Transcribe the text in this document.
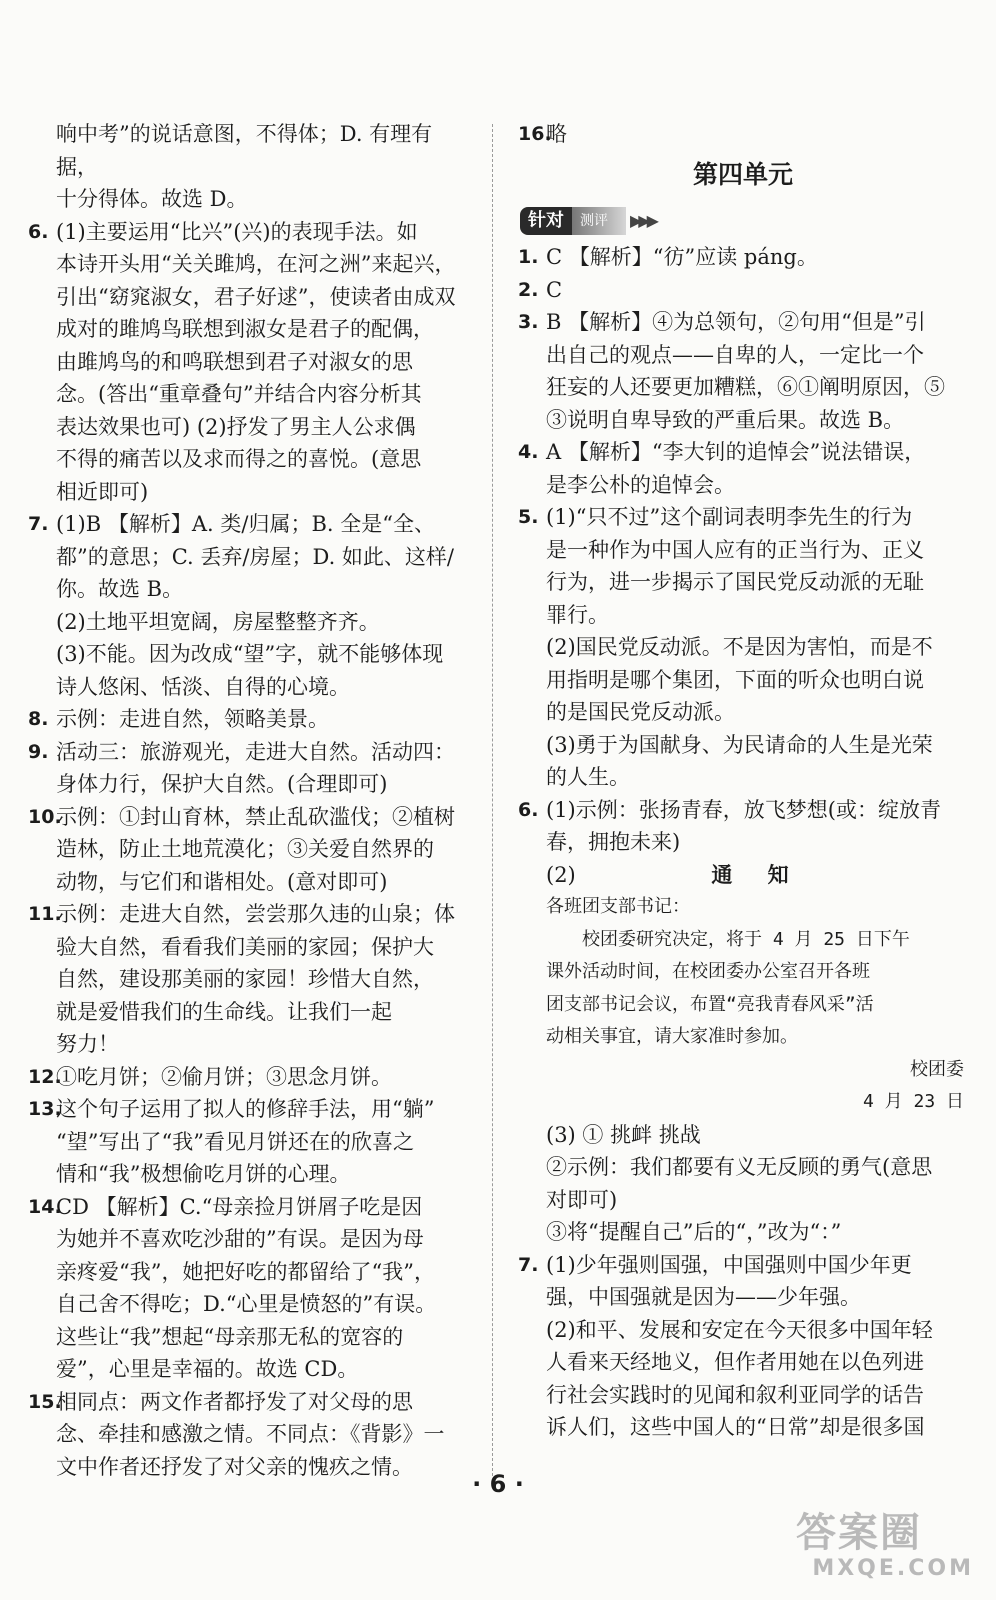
响中考”的说话意图，不得体；D. 有理有据，
十分得体。故选 D。
6. (1)主要运用“比兴”(兴)的表现手法。如
本诗开头用“关关雎鸠，在河之洲”来起兴，
引出“窈窕淑女，君子好逑”，使读者由成双
成对的雎鸠鸟联想到淑女是君子的配偶，
由雎鸠鸟的和鸣联想到君子对淑女的思
念。(答出“重章叠句”并结合内容分析其
表达效果也可) (2)抒发了男主人公求偶
不得的痛苦以及求而得之的喜悦。(意思
相近即可)
7. (1)B 【解析】A. 类/归属；B. 全是“全、
都”的意思；C. 丢弃/房屋；D. 如此、这样/
你。故选 B。
(2)土地平坦宽阔，房屋整整齐齐。
(3)不能。因为改成“望”字，就不能够体现
诗人悠闲、恬淡、自得的心境。
8. 示例：走进自然，领略美景。
9. 活动三：旅游观光，走进大自然。活动四：
身体力行，保护大自然。(合理即可)
10.
示例：①封山育林，禁止乱砍滥伐；②植树
造林，防止土地荒漠化；③关爱自然界的
动物，与它们和谐相处。(意对即可)
11.
示例：走进大自然，尝尝那久违的山泉；体
验大自然，看看我们美丽的家园；保护大
自然，建设那美丽的家园！珍惜大自然，
就是爱惜我们的生命线。让我们一起
努力！
12.
①吃月饼；②偷月饼；③思念月饼。
13.
这个句子运用了拟人的修辞手法，用“躺”
“望”写出了“我”看见月饼还在的欣喜之
情和“我”极想偷吃月饼的心理。
14.
CD 【解析】C.“母亲捡月饼屑子吃是因
为她并不喜欢吃沙甜的”有误。是因为母
亲疼爱“我”，她把好吃的都留给了“我”，
自己舍不得吃；D.“心里是愤怒的”有误。
这些让“我”想起“母亲那无私的宽容的
爱”，心里是幸福的。故选 CD。
15.
相同点：两文作者都抒发了对父母的思
念、牵挂和感激之情。不同点：《背影》一
文中作者还抒发了对父亲的愧疚之情。
16.
略
第四单元
针对	测评	▶▶▶
1. C 【解析】“彷”应读 páng。
2. C
3. B 【解析】④为总领句，②句用“但是”引
出自己的观点——自卑的人，一定比一个
狂妄的人还要更加糟糕，⑥①阐明原因，⑤
③说明自卑导致的严重后果。故选 B。
4. A 【解析】“李大钊的追悼会”说法错误，
是李公朴的追悼会。
5. (1)“只不过”这个副词表明李先生的行为
是一种作为中国人应有的正当行为、正义
行为，进一步揭示了国民党反动派的无耻
罪行。
(2)国民党反动派。不是因为害怕，而是不
用指明是哪个集团，下面的听众也明白说
的是国民党反动派。
(3)勇于为国献身、为民请命的人生是光荣
的人生。
6. (1)示例：张扬青春，放飞梦想(或：绽放青
春，拥抱未来)
(2)	通 知
各班团支部书记：
校团委研究决定，将于 4 月 25 日下午
课外活动时间，在校团委办公室召开各班
团支部书记会议，布置“亮我青春风采”活
动相关事宜，请大家准时参加。
校团委
4 月 23 日
(3) ① 挑衅 挑战
②示例：我们都要有义无反顾的勇气(意思
对即可)
③将“提醒自己”后的“，”改为“：”
7. (1)少年强则国强，中国强则中国少年更
强，中国强就是因为——少年强。
(2)和平、发展和安定在今天很多中国年轻
人看来天经地义，但作者用她在以色列进
行社会实践时的见闻和叙利亚同学的话告
诉人们，这些中国人的“日常”却是很多国
· 6 ·
答案圈
MXQE.COM
